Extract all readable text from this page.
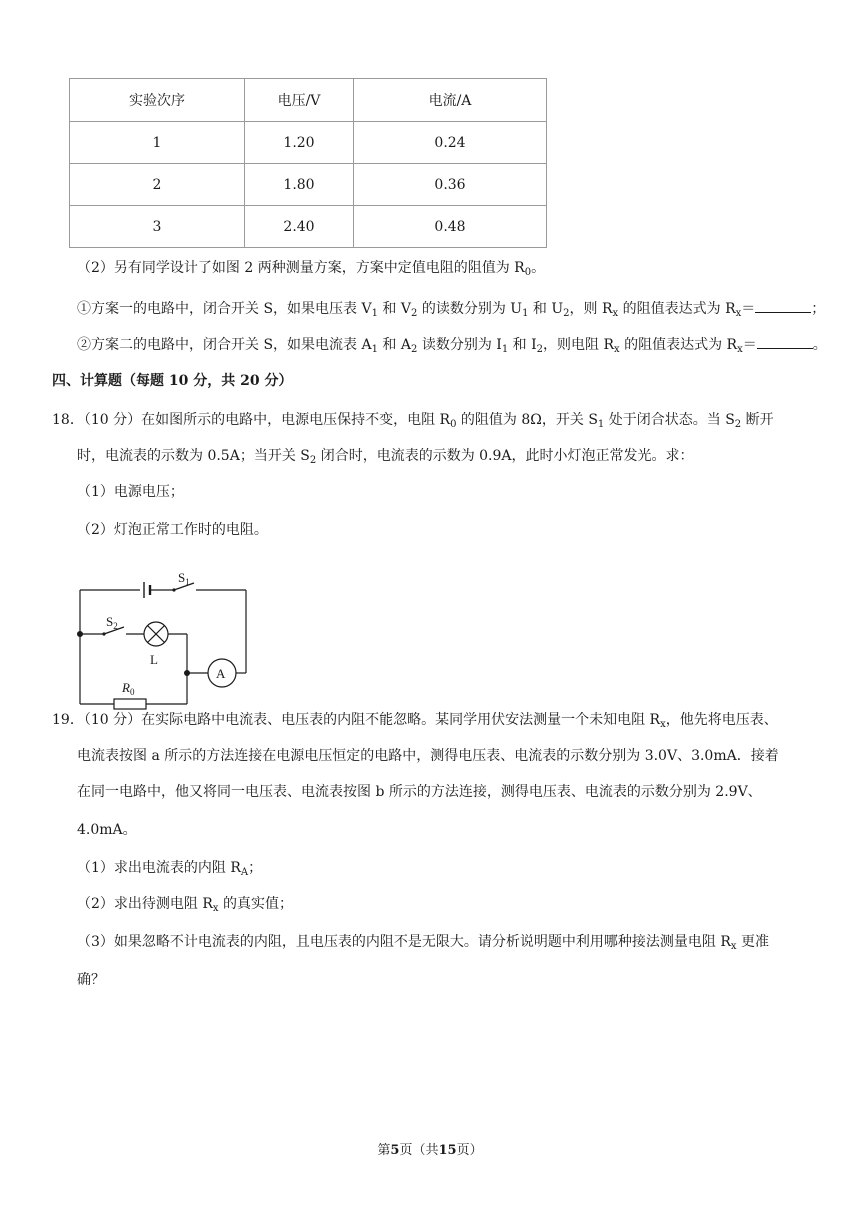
实验次序	电压/V	电流/A
1	1.20	0.24
2	1.80	0.36
3	2.40	0.48
（2）另有同学设计了如图 2 两种测量方案，方案中定值电阻的阻值为 $R_0$。
①方案一的电路中，闭合开关 S，如果电压表 $V_1$ 和 $V_2$ 的读数分别为 $U_1$ 和 $U_2$，则 $R_x$ 的阻值表达式为 $R_x=$	；
②方案二的电路中，闭合开关 S，如果电流表 $A_1$ 和 $A_2$ 读数分别为 $I_1$ 和 $I_2$，则电阻 $R_x$ 的阻值表达式为 $R_x=$	。
四、计算题（每题 10 分，共 20 分）
18．（10 分）在如图所示的电路中，电源电压保持不变，电阻 $R_0$ 的阻值为 8Ω，开关 $S_1$ 处于闭合状态。当 $S_2$ 断开
时，电流表的示数为 0.5A；当开关 $S_2$ 闭合时，电流表的示数为 0.9A，此时小灯泡正常发光。求：
（1）电源电压；
（2）灯泡正常工作时的电阻。
$S_1$
$S_2$
L
$R_0$
A
19．（10 分）在实际电路中电流表、电压表的内阻不能忽略。某同学用伏安法测量一个未知电阻 $R_x$，他先将电压表、
电流表按图 a 所示的方法连接在电源电压恒定的电路中，测得电压表、电流表的示数分别为 3.0V、3.0mA．接着
在同一电路中，他又将同一电压表、电流表按图 b 所示的方法连接，测得电压表、电流表的示数分别为 2.9V、
4.0mA。
（1）求出电流表的内阻 $R_A$；
（2）求出待测电阻 $R_x$ 的真实值；
（3）如果忽略不计电流表的内阻，且电压表的内阻不是无限大。请分析说明题中利用哪种接法测量电阻 $R_x$ 更准
确？
第5页（共15页）
